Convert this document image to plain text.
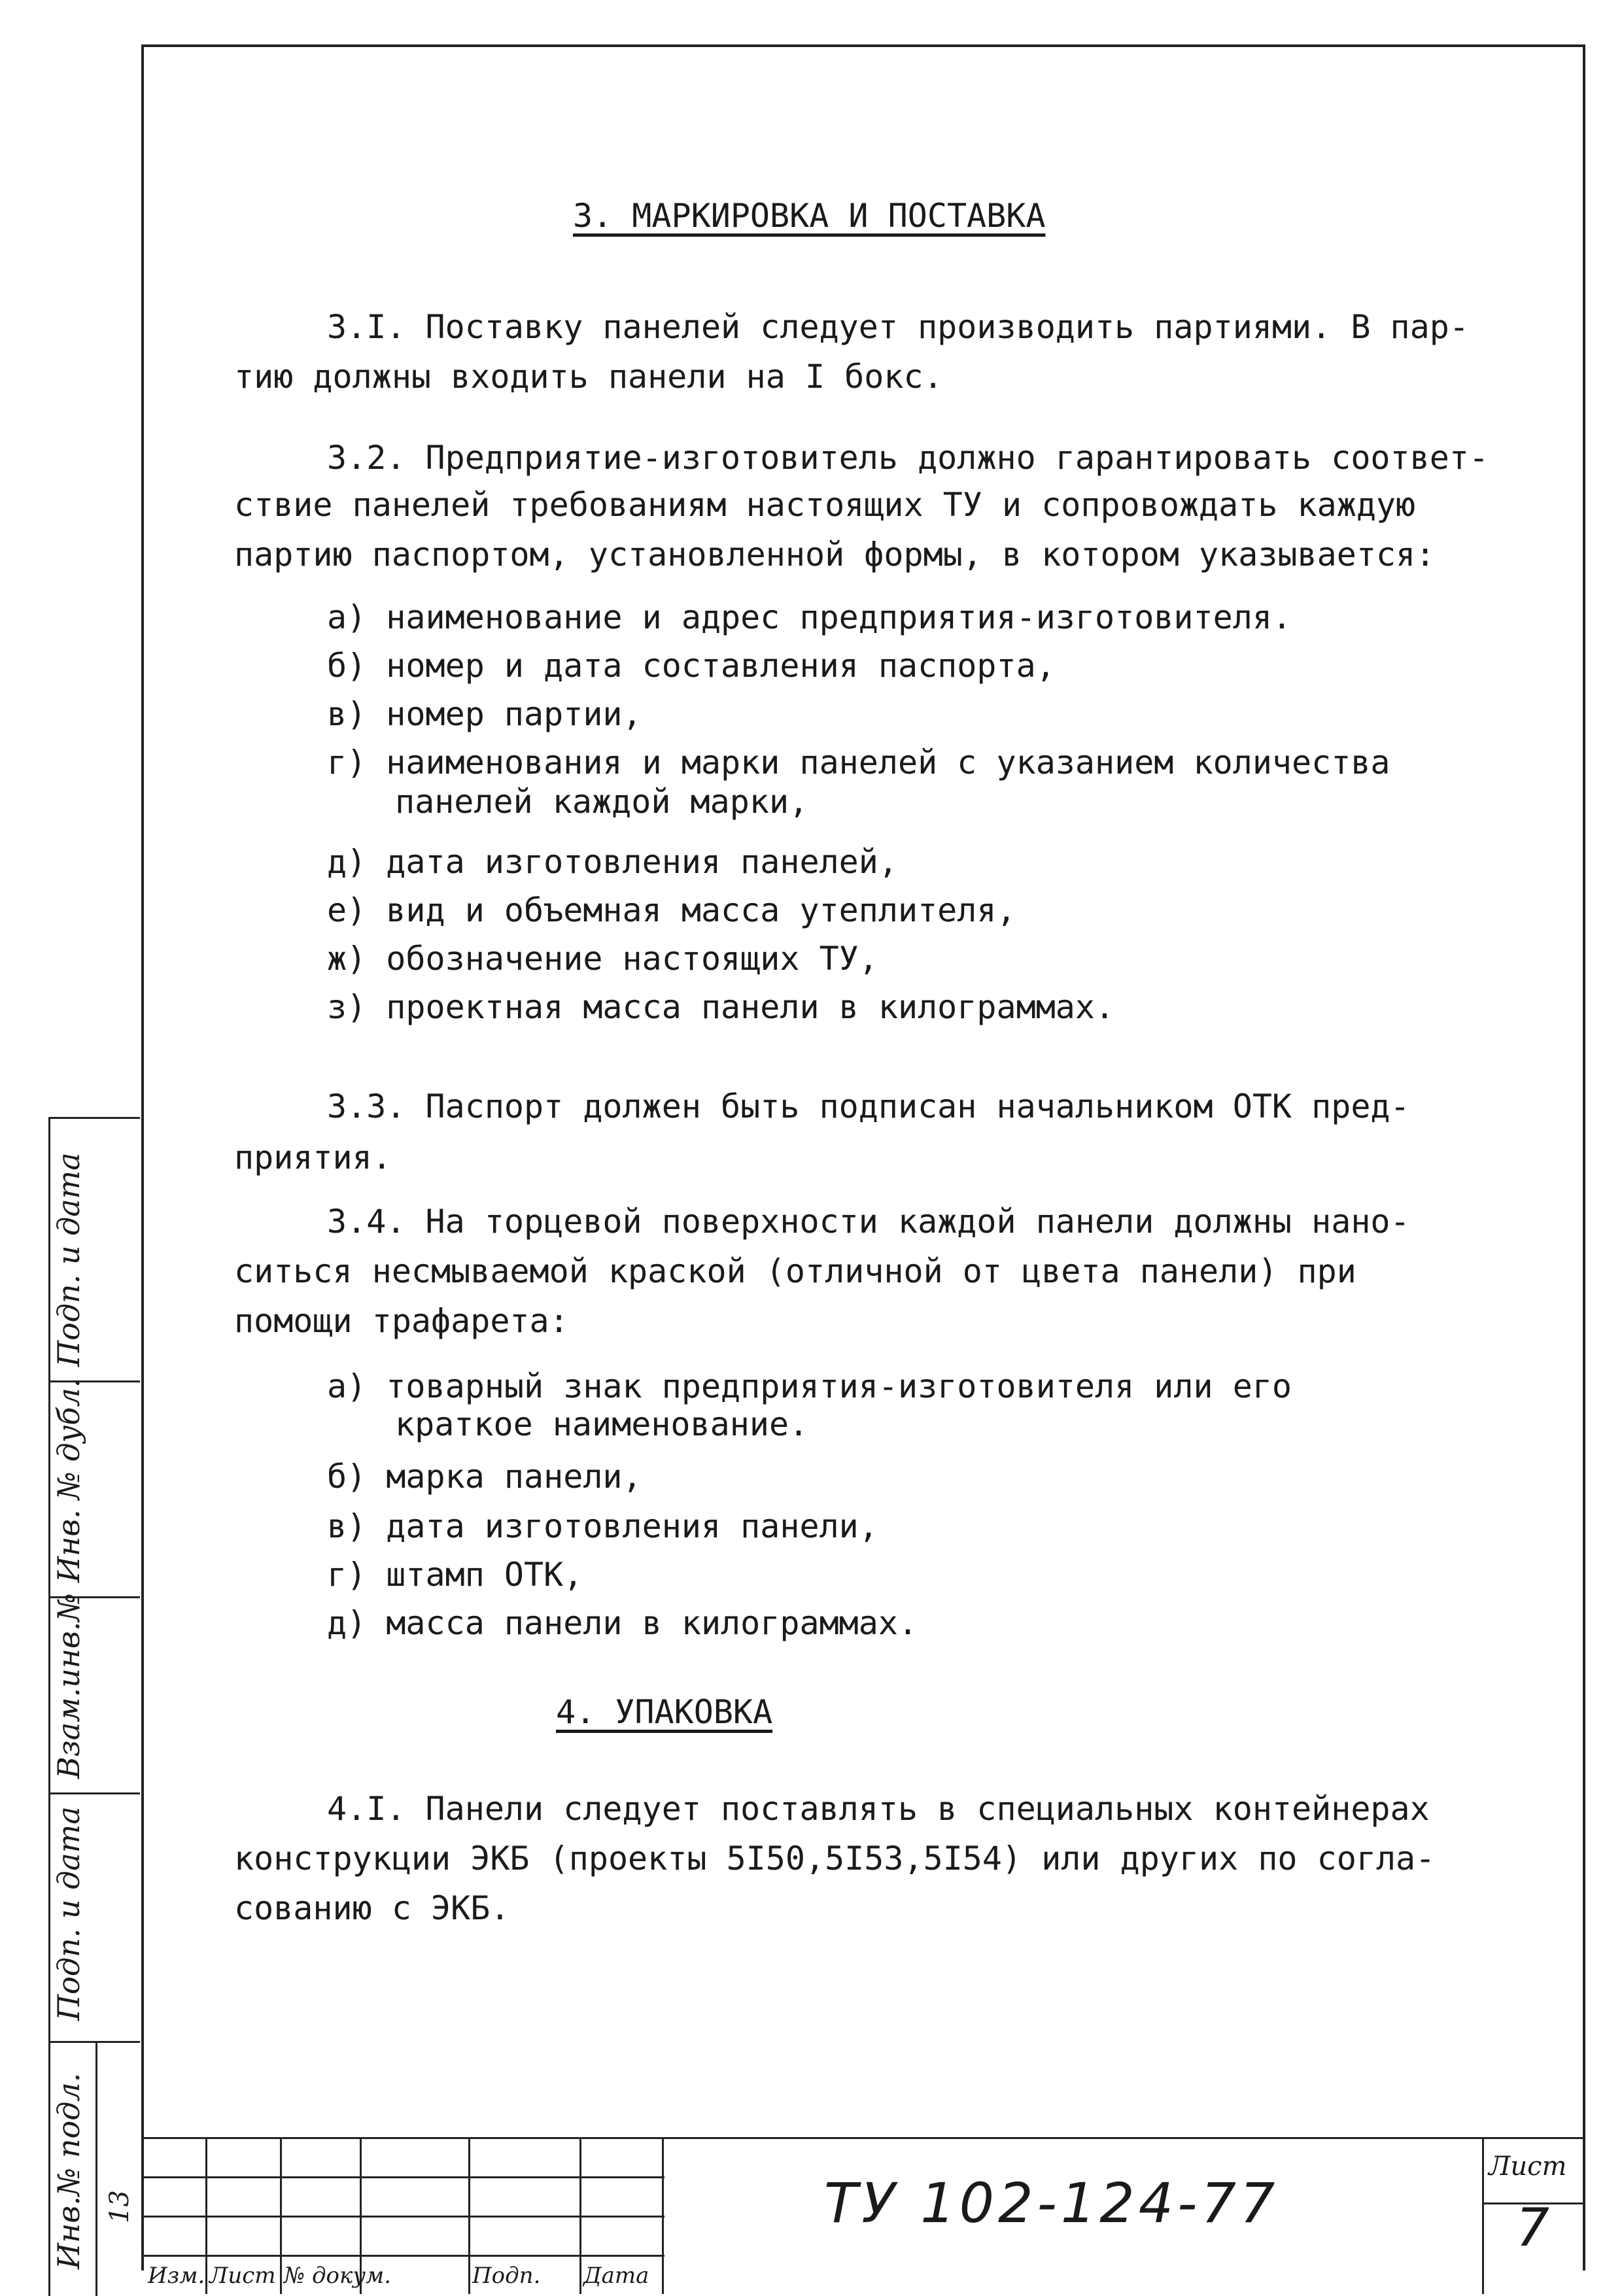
3. МАРКИРОВКА И ПОСТАВКА
3.I. Поставку панелей следует производить партиями. В пар-
тию должны входить панели на I бокс.
3.2. Предприятие-изготовитель должно гарантировать соответ-
ствие панелей требованиям настоящих ТУ и сопровождать каждую
партию паспортом, установленной формы, в котором указывается:
а) наименование и адрес предприятия-изготовителя.
б) номер и дата составления паспорта,
в) номер партии,
г) наименования и марки панелей с указанием количества
панелей каждой марки,
д) дата изготовления панелей,
е) вид и объемная масса утеплителя,
ж) обозначение настоящих ТУ,
з) проектная масса панели в килограммах.
3.3. Паспорт должен быть подписан начальником ОТК пред-
приятия.
3.4. На торцевой поверхности каждой панели должны нано-
ситься несмываемой краской (отличной от цвета панели) при
помощи трафарета:
а) товарный знак предприятия-изготовителя или его
краткое наименование.
б) марка панели,
в) дата изготовления панели,
г) штамп ОТК,
д) масса панели в килограммах.
4. УПАКОВКА
4.I. Панели следует поставлять в специальных контейнерах
конструкции ЭКБ (проекты 5I50,5I53,5I54) или других по согла-
сованию с ЭКБ.
Подп. и дата
Инв. № дубл.
Взам.инв.№
Подп. и дата
Инв.№ подл. 13
Изм. Лист № докум.	Подп. Дата
ТУ 102-124-77
Лист
7
